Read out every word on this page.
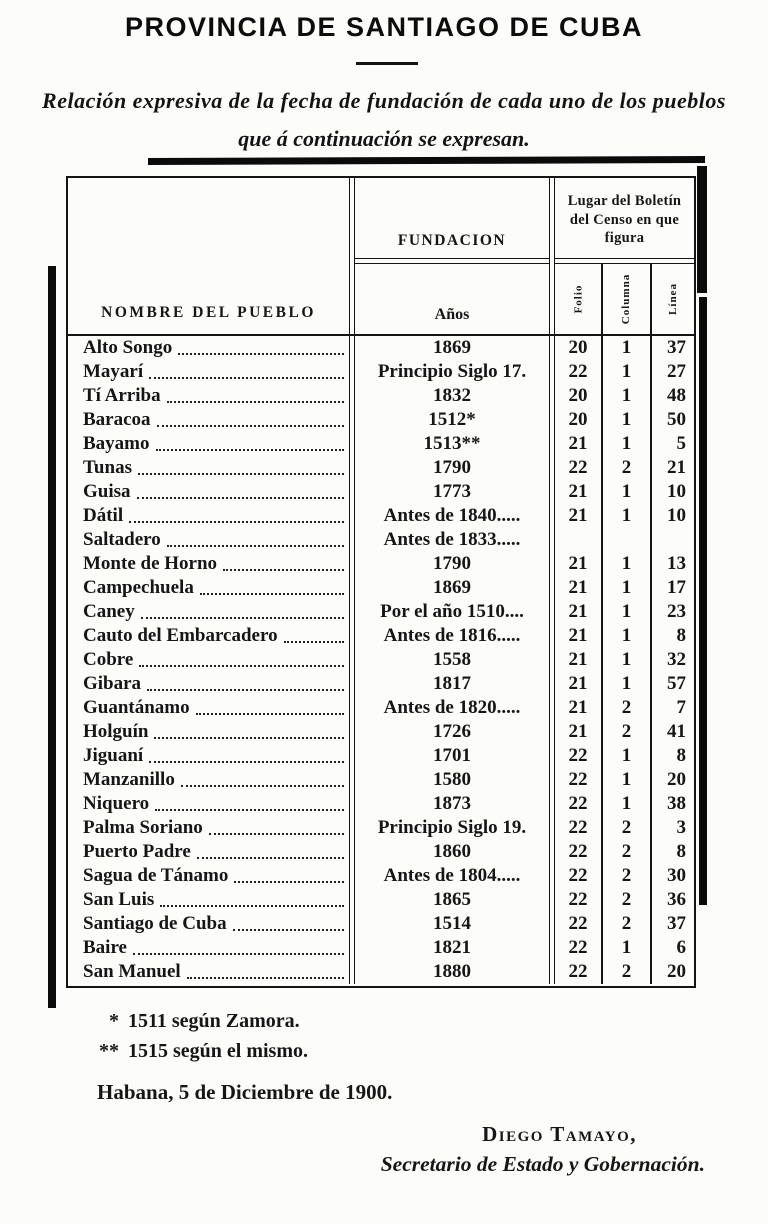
PROVINCIA DE SANTIAGO DE CUBA
Relación expresiva de la fecha de fundación de cada uno de los pueblos
que á continuación se expresan.
NOMBRE DEL PUEBLO
FUNDACION
Años
Lugar del Boletín del Censo en que figura
Folio	Columna	Línea
Alto Songo	1869	20	1	37
Mayarí	Principio Siglo 17.	22	1	27
Tí Arriba	1832	20	1	48
Baracoa	1512*	20	1	50
Bayamo	1513**	21	1	5
Tunas	1790	22	2	21
Guisa	1773	21	1	10
Dátil	Antes de 1840.....	21	1	10
Saltadero	Antes de 1833.....
Monte de Horno	1790	21	1	13
Campechuela	1869	21	1	17
Caney	Por el año 1510....	21	1	23
Cauto del Embarcadero	Antes de 1816.....	21	1	8
Cobre	1558	21	1	32
Gibara	1817	21	1	57
Guantánamo	Antes de 1820.....	21	2	7
Holguín	1726	21	2	41
Jiguaní	1701	22	1	8
Manzanillo	1580	22	1	20
Niquero	1873	22	1	38
Palma Soriano	Principio Siglo 19.	22	2	3
Puerto Padre	1860	22	2	8
Sagua de Tánamo	Antes de 1804.....	22	2	30
San Luis	1865	22	2	36
Santiago de Cuba	1514	22	2	37
Baire	1821	22	1	6
San Manuel	1880	22	2	20
* 1511 según Zamora.
** 1515 según el mismo.
Habana, 5 de Diciembre de 1900.
Diego Tamayo,
Secretario de Estado y Gobernación.
